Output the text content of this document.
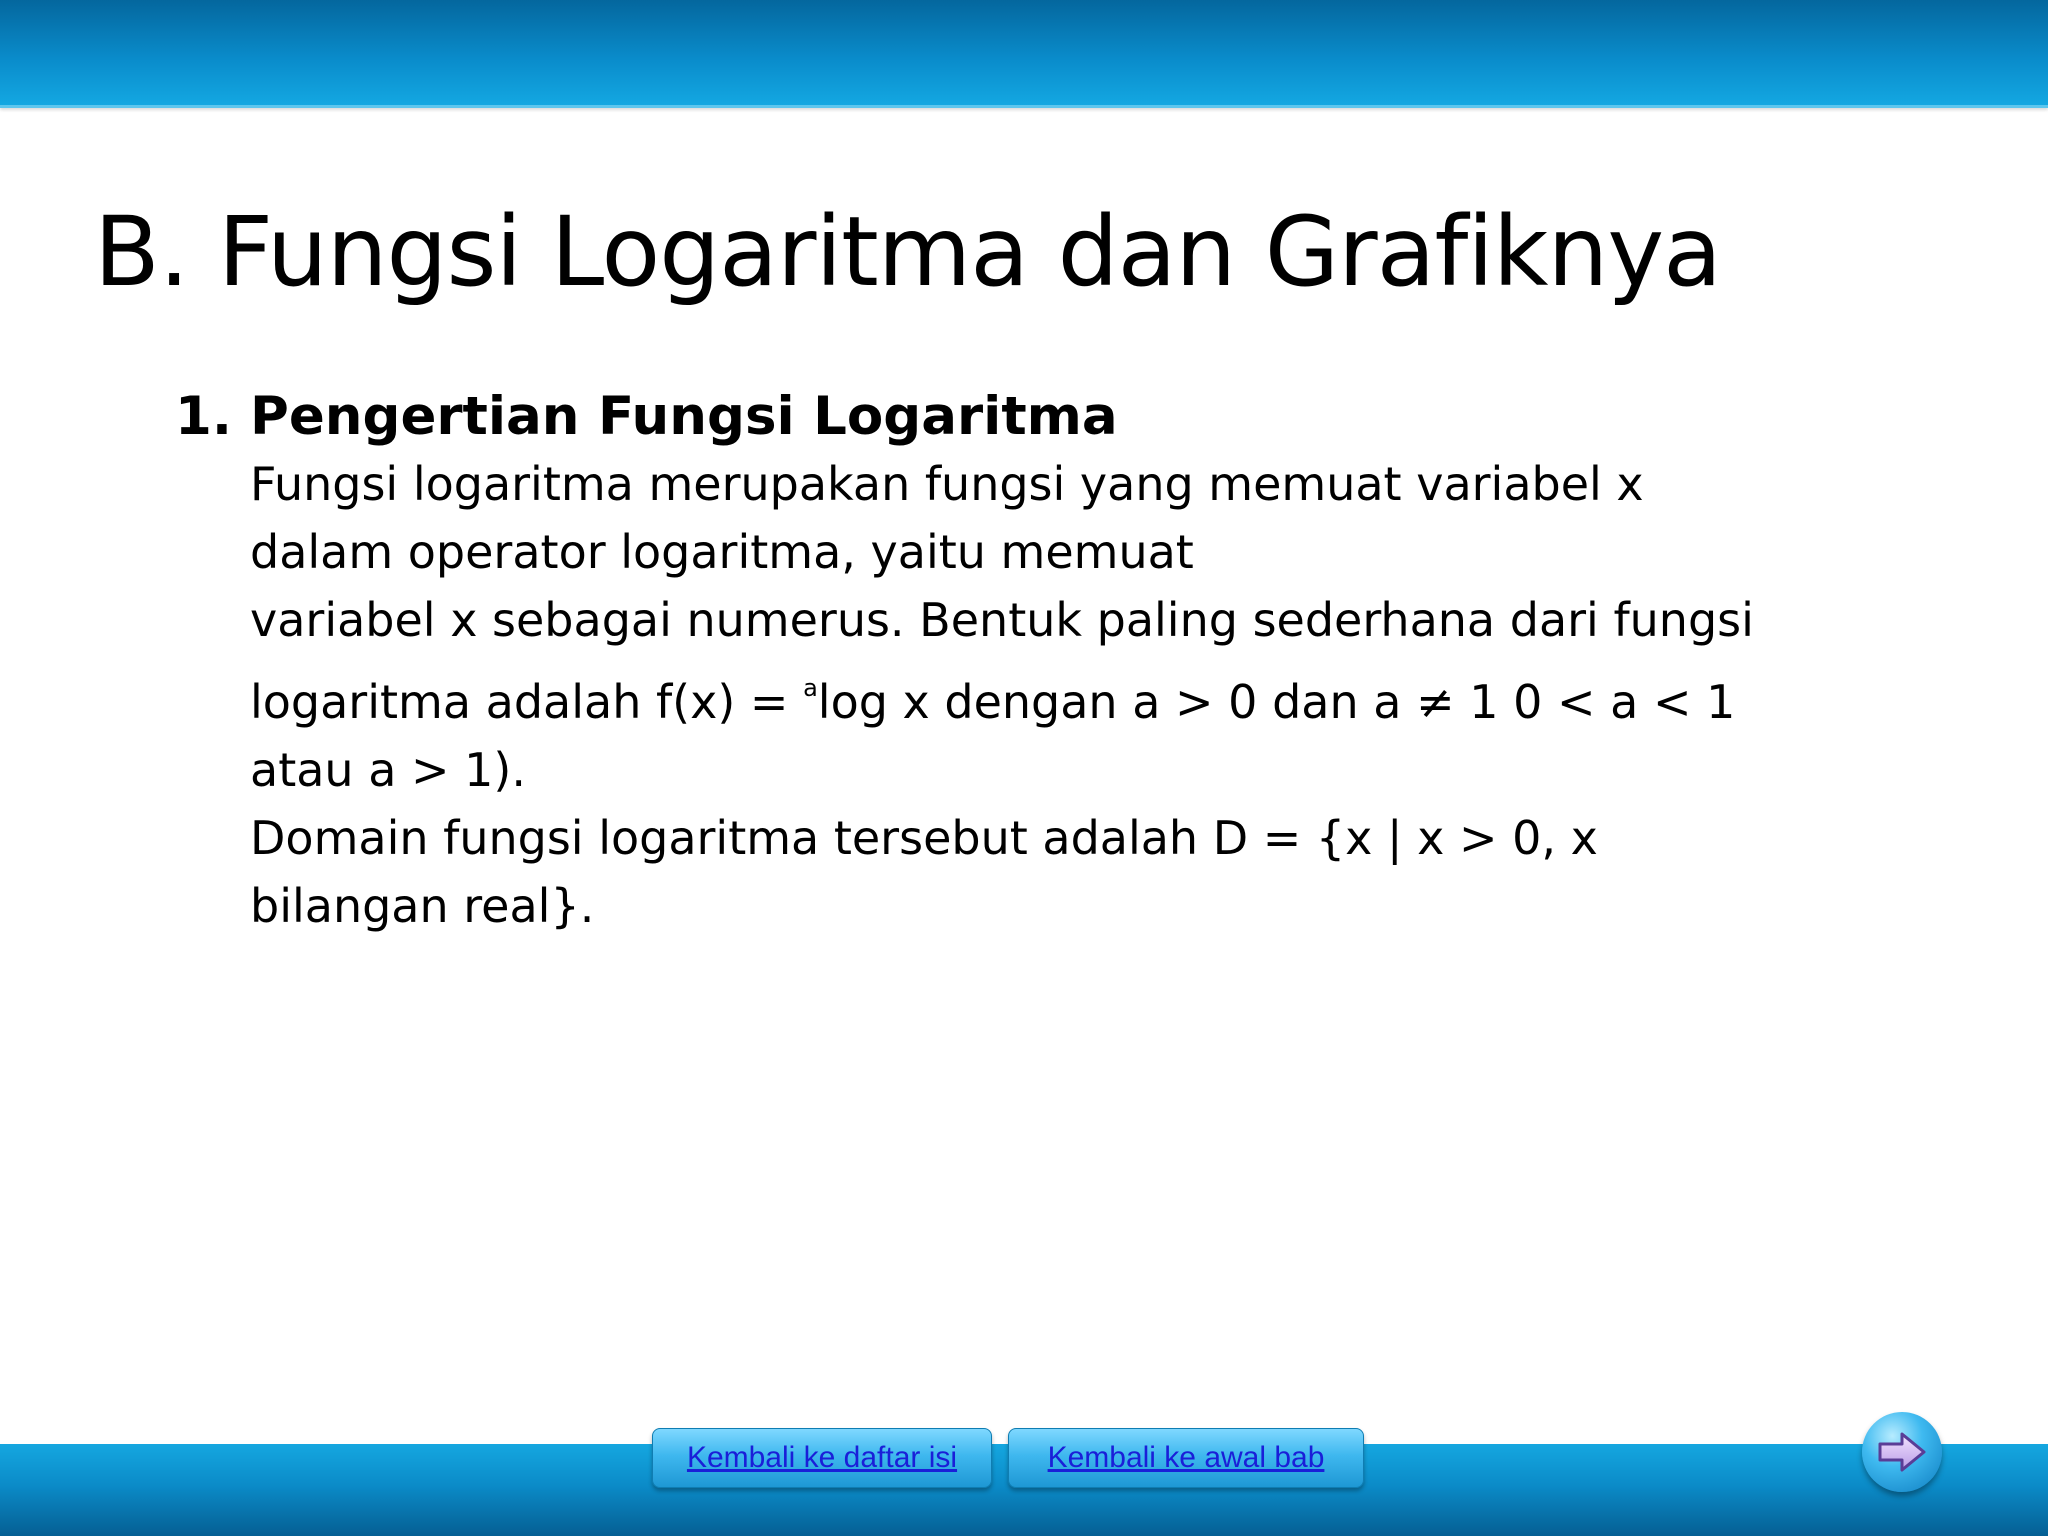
B. Fungsi Logaritma dan Grafiknya
1. Pengertian Fungsi Logaritma

Fungsi logaritma merupakan fungsi yang memuat variabel x

dalam operator logaritma, yaitu memuat

variabel x sebagai numerus. Bentuk paling sederhana dari fungsi

logaritma adalah f(x) = $^a$log x dengan a > 0 dan a ≠ 1 0 < a < 1

atau a > 1).

Domain fungsi logaritma tersebut adalah D = {x | x > 0, x

bilangan real}.

Kembali ke daftar isi	Kembali ke awal bab
